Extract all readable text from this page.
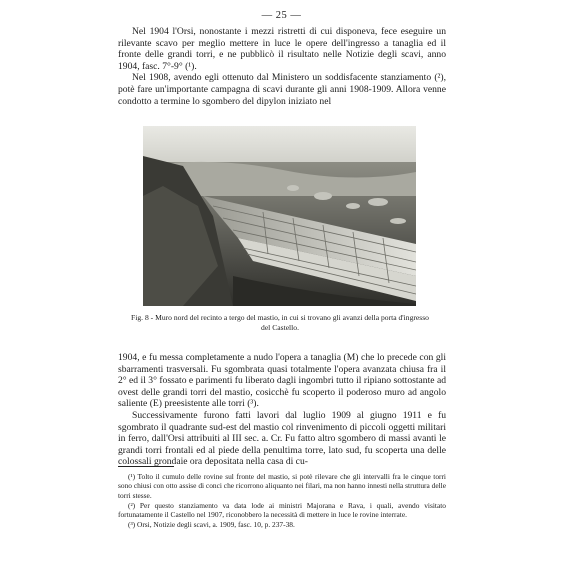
— 25 —

Nel 1904 l'Orsi, nonostante i mezzi ristretti di cui disponeva, fece eseguire un rilevante scavo per meglio mettere in luce le opere dell'ingresso a tanaglia ed il fronte delle grandi torri, e ne pubblicò il risultato nelle Notizie degli scavi, anno 1904, fasc. 7°-9° (¹).

Nel 1908, avendo egli ottenuto dal Ministero un soddisfacente stanziamento (²), potè fare un'importante campagna di scavi durante gli anni 1908-1909. Allora venne condotto a termine lo sgombero del dipylon iniziato nel

Fig. 8 - Muro nord del recinto a tergo del mastio, in cui si trovano gli avanzi della porta d'ingresso del Castello.

1904, e fu messa completamente a nudo l'opera a tanaglia (M) che lo precede con gli sbarramenti trasversali. Fu sgombrata quasi totalmente l'opera avanzata chiusa fra il 2° ed il 3° fossato e parimenti fu liberato dagli ingombri tutto il ripiano sottostante ad ovest delle grandi torri del mastio, cosicchè fu scoperto il poderoso muro ad angolo saliente (E) preesistente alle torri (³).

Successivamente furono fatti lavori dal luglio 1909 al giugno 1911 e fu sgombrato il quadrante sud-est del mastio col rinvenimento di piccoli oggetti militari in ferro, dall'Orsi attribuiti al III sec. a. Cr. Fu fatto altro sgombero di massi avanti le grandi torri frontali ed al piede della penultima torre, lato sud, fu scoperta una delle colossali grondaie ora depositata nella casa di cu-

(¹) Tolto il cumulo delle rovine sul fronte del mastio, si potè rilevare che gli intervalli fra le cinque torri sono chiusi con otto assise di conci che ricorrono aliquanto nei filari, ma non hanno innesti nella struttura delle torri stesse.

(²) Per questo stanziamento va data lode ai ministri Majorana e Rava, i quali, avendo visitato fortunatamente il Castello nel 1907, riconobbero la necessità di mettere in luce le rovine interrate.

(³) Orsi, Notizie degli scavi, a. 1909, fasc. 10, p. 237-38.
